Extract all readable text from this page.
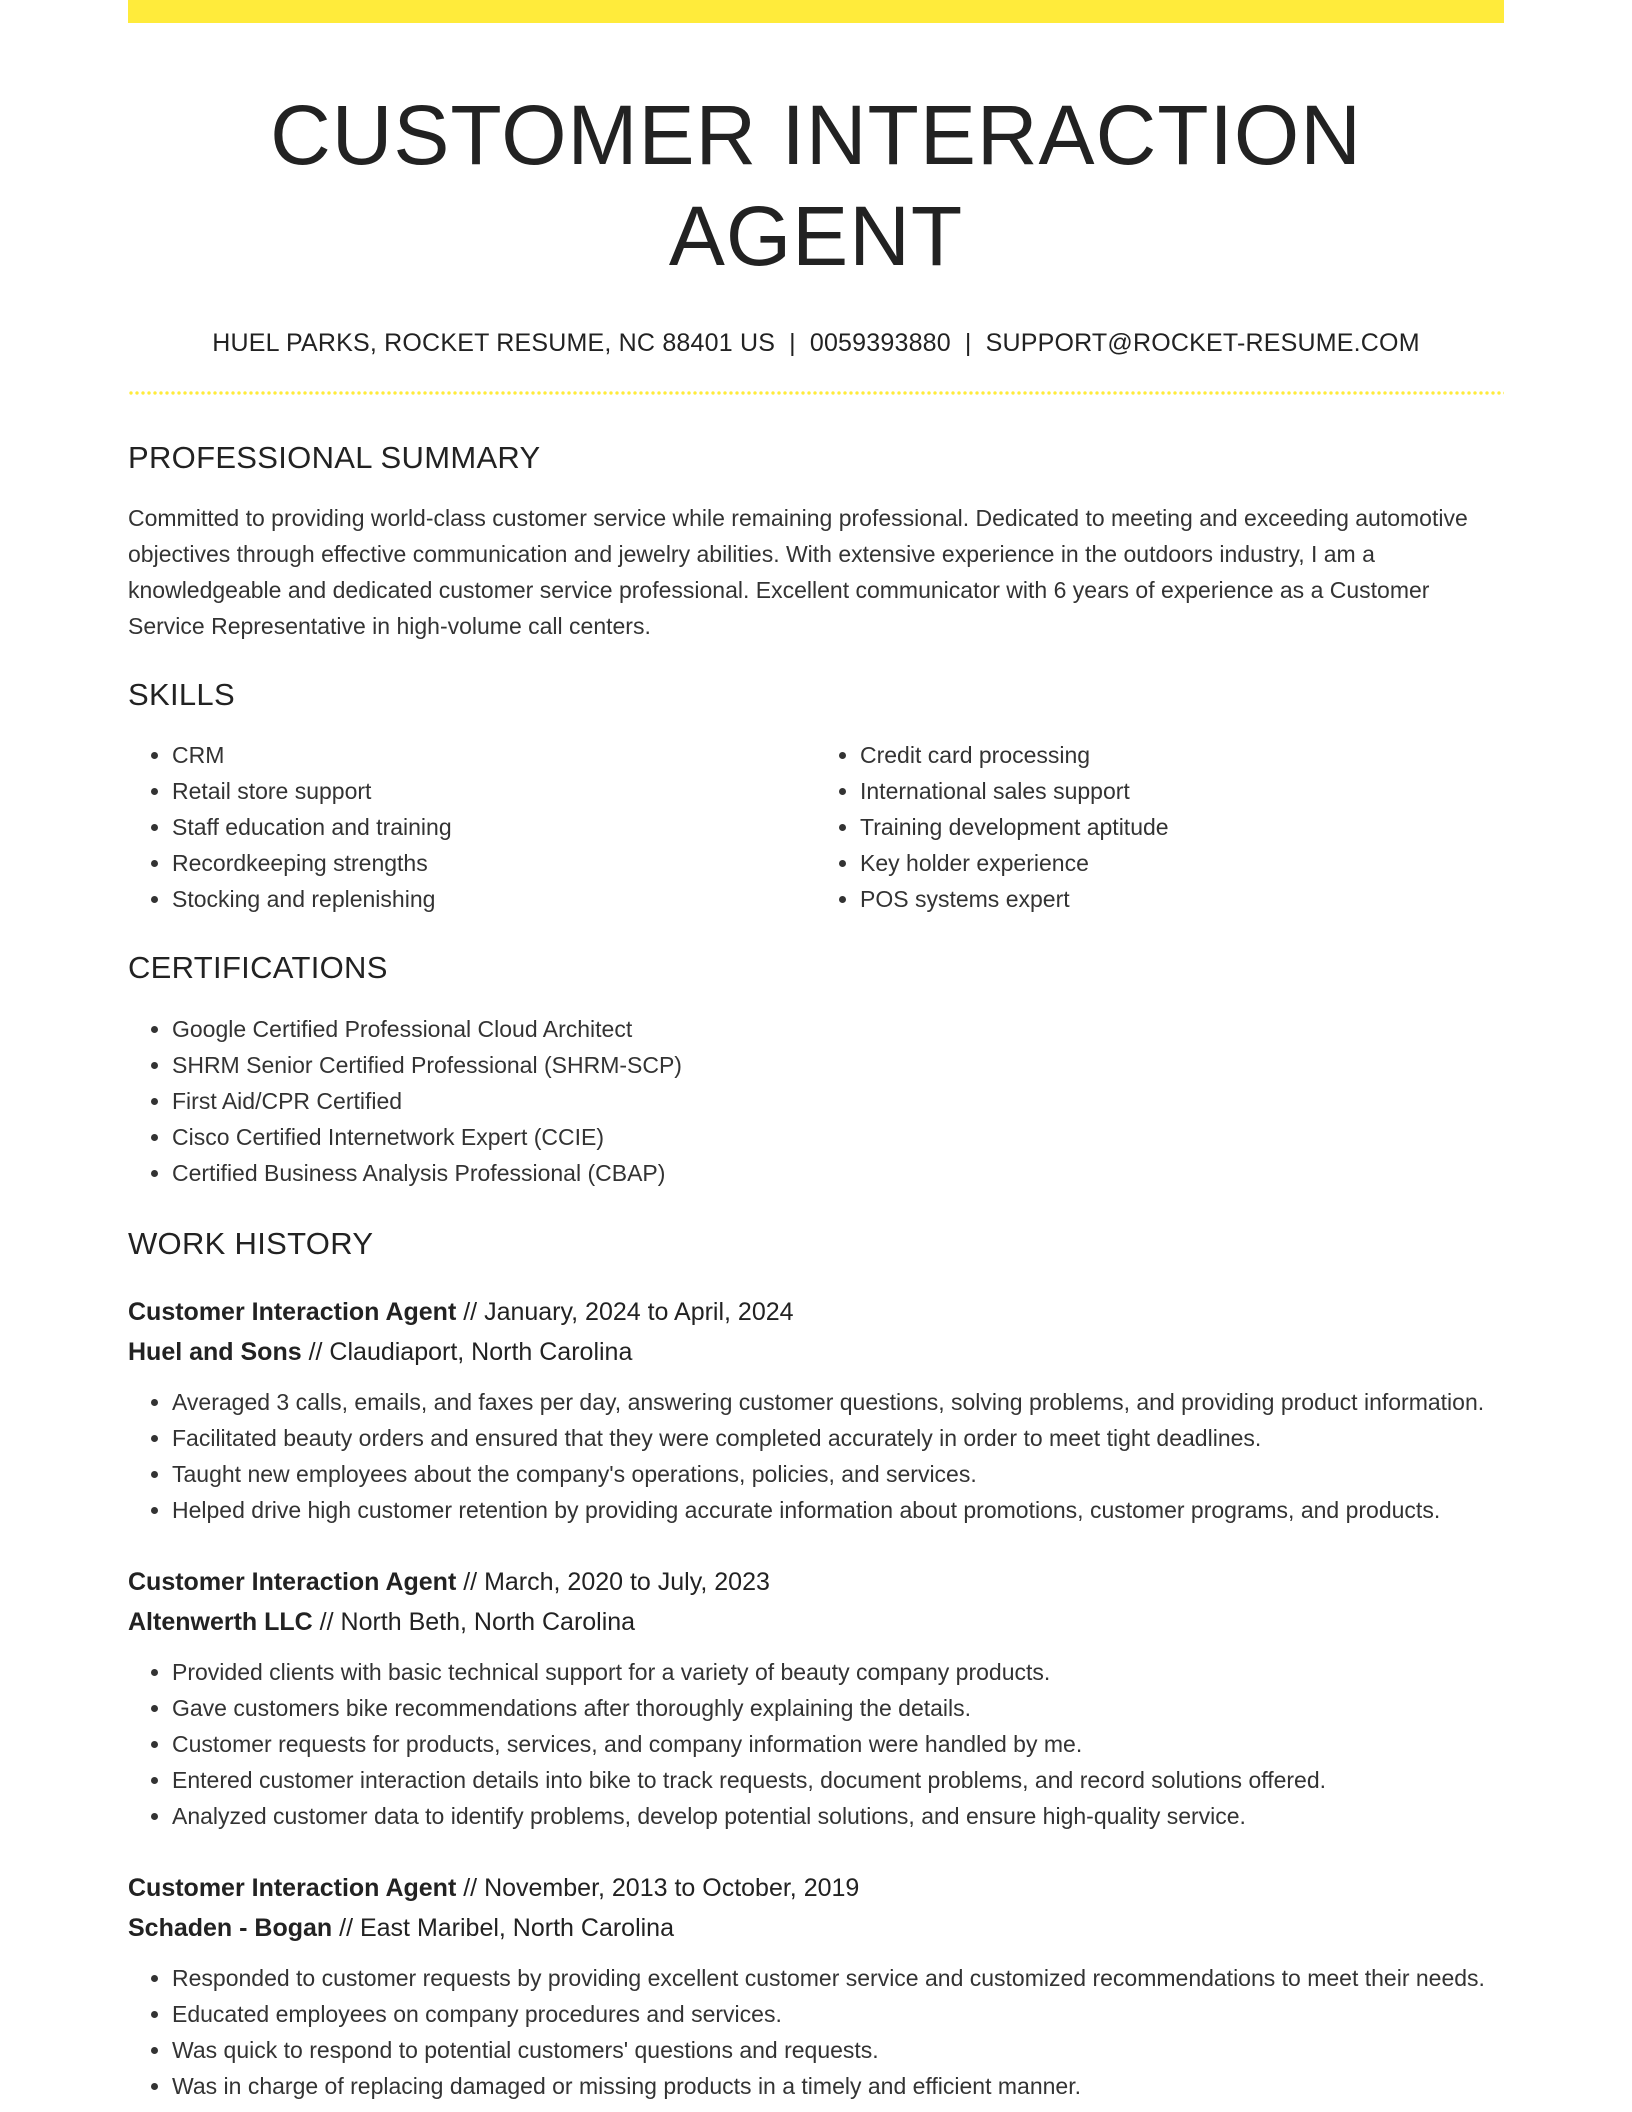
CUSTOMER INTERACTION AGENT
HUEL PARKS, ROCKET RESUME, NC 88401 US | 0059393880 | SUPPORT@ROCKET-RESUME.COM
PROFESSIONAL SUMMARY

Committed to providing world-class customer service while remaining professional. Dedicated to meeting and exceeding automotive objectives through effective communication and jewelry abilities. With extensive experience in the outdoors industry, I am a knowledgeable and dedicated customer service professional. Excellent communicator with 6 years of experience as a Customer Service Representative in high-volume call centers.

SKILLS
• CRM
• Retail store support
• Staff education and training
• Recordkeeping strengths
• Stocking and replenishing
• Credit card processing
• International sales support
• Training development aptitude
• Key holder experience
• POS systems expert
CERTIFICATIONS
• Google Certified Professional Cloud Architect
• SHRM Senior Certified Professional (SHRM-SCP)
• First Aid/CPR Certified
• Cisco Certified Internetwork Expert (CCIE)
• Certified Business Analysis Professional (CBAP)
WORK HISTORY
Customer Interaction Agent // January, 2024 to April, 2024
Huel and Sons // Claudiaport, North Carolina
• Averaged 3 calls, emails, and faxes per day, answering customer questions, solving problems, and providing product information.
• Facilitated beauty orders and ensured that they were completed accurately in order to meet tight deadlines.
• Taught new employees about the company's operations, policies, and services.
• Helped drive high customer retention by providing accurate information about promotions, customer programs, and products.
Customer Interaction Agent // March, 2020 to July, 2023
Altenwerth LLC // North Beth, North Carolina
• Provided clients with basic technical support for a variety of beauty company products.
• Gave customers bike recommendations after thoroughly explaining the details.
• Customer requests for products, services, and company information were handled by me.
• Entered customer interaction details into bike to track requests, document problems, and record solutions offered.
• Analyzed customer data to identify problems, develop potential solutions, and ensure high-quality service.
Customer Interaction Agent // November, 2013 to October, 2019
Schaden - Bogan // East Maribel, North Carolina
• Responded to customer requests by providing excellent customer service and customized recommendations to meet their needs.
• Educated employees on company procedures and services.
• Was quick to respond to potential customers' questions and requests.
• Was in charge of replacing damaged or missing products in a timely and efficient manner.
